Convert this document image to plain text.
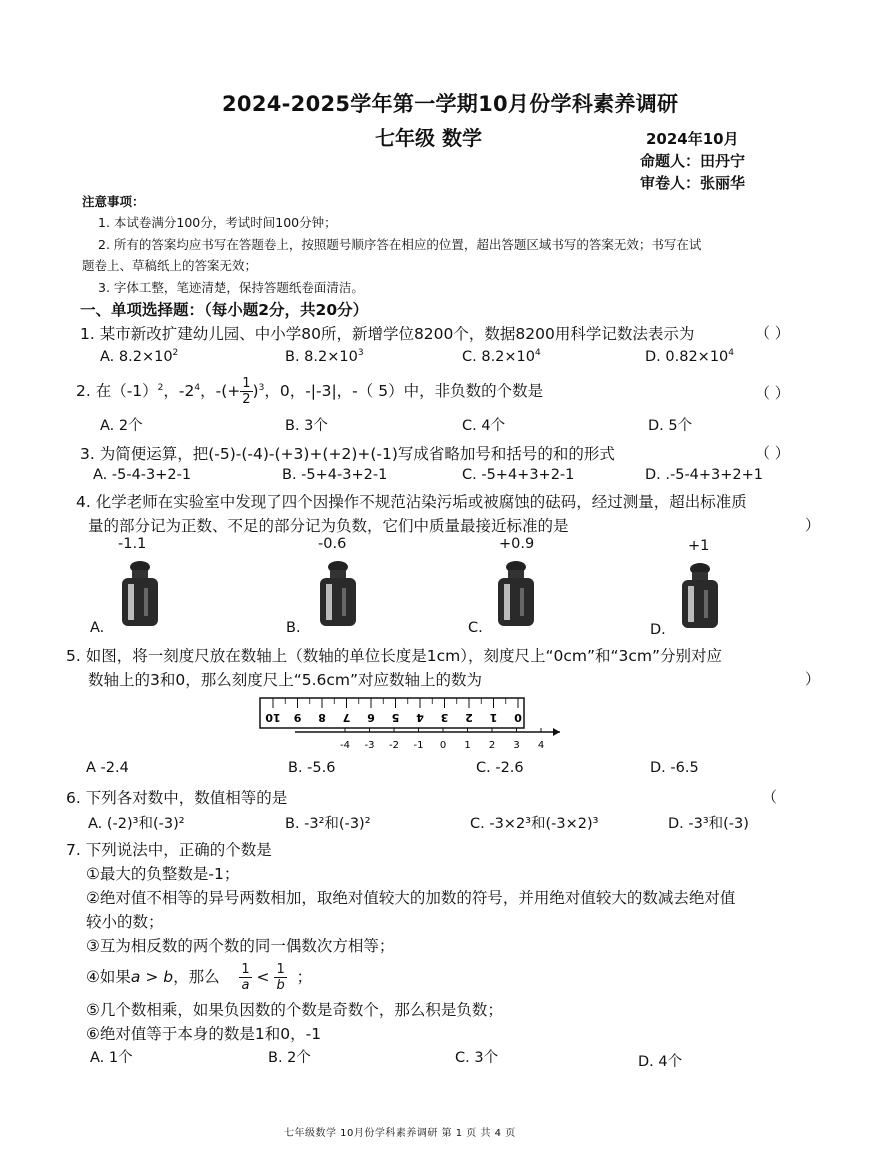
2024-2025学年第一学期10月份学科素养调研
七年级 数学	2024年10月
命题人：田丹宁
审卷人：张丽华
注意事项：
1. 本试卷满分100分，考试时间100分钟；
2. 所有的答案均应书写在答题卷上，按照题号顺序答在相应的位置，超出答题区域书写的答案无效；书写在试
题卷上、草稿纸上的答案无效；
3. 字体工整，笔迹清楚，保持答题纸卷面清洁。
一、单项选择题：（每小题2分，共20分）
1. 某市新改扩建幼儿园、中小学80所，新增学位8200个，数据8200用科学记数法表示为	（ ）
A. $8.2\times 10^2$	B. $8.2\times 10^3$	C. $8.2\times 10^4$	D. $0.82\times 10^4$
2. 在$(-1)^2$，$-2^4$，-(+ $\frac{1}{2} )^3$，0，-|-3|，-（ 5）中，非负数的个数是	（ ）
A. 2个	B. 3个	C. 4个	D. 5个
3. 为简便运算，把(-5)-(-4)-(+3)+(+2)+(-1)写成省略加号和括号的和的形式	（ ）
A. -5-4-3+2-1	B. -5+4-3+2-1	C. -5+4+3+2-1	D. .-5-4+3+2+1
4. 化学老师在实验室中发现了四个因操作不规范沾染污垢或被腐蚀的砝码，经过测量，超出标准质
量的部分记为正数、不足的部分记为负数，它们中质量最接近标准的是	）
-1.1	-0.6	+0.9	+1
A.	B.	C.	D.
5. 如图，将一刻度尺放在数轴上（数轴的单位长度是1cm），刻度尺上“0cm”和“3cm”分别对应
数轴上的3和0，那么刻度尺上“5.6cm”对应数轴上的数为	）
10 9 8 7 6 5 4 3 2 1 0
-4 -3 -2 -1 0 1 2 3 4
A -2.4	B. -5.6	C. -2.6	D. -6.5
6. 下列各对数中，数值相等的是	（
A. (-2)³和(-3)²	B. -3²和(-3)²	C. -3×2³和(-3×2)³	D. -3³和(-3)
7. 下列说法中，正确的个数是
①最大的负整数是-1；
②绝对值不相等的异号两数相加，取绝对值较大的加数的符号，并用绝对值较大的数减去绝对值
较小的数；
③互为相反数的两个数的同一偶数次方相等；
④如果a > b，那么 $\frac{1}{a} < \frac{1}{b}$ ；
⑤几个数相乘，如果负因数的个数是奇数个，那么积是负数；
⑥绝对值等于本身的数是1和0，-1
A. 1个	B. 2个	C. 3个	D. 4个
七年级数学 10月份学科素养调研 第 1 页 共 4 页
